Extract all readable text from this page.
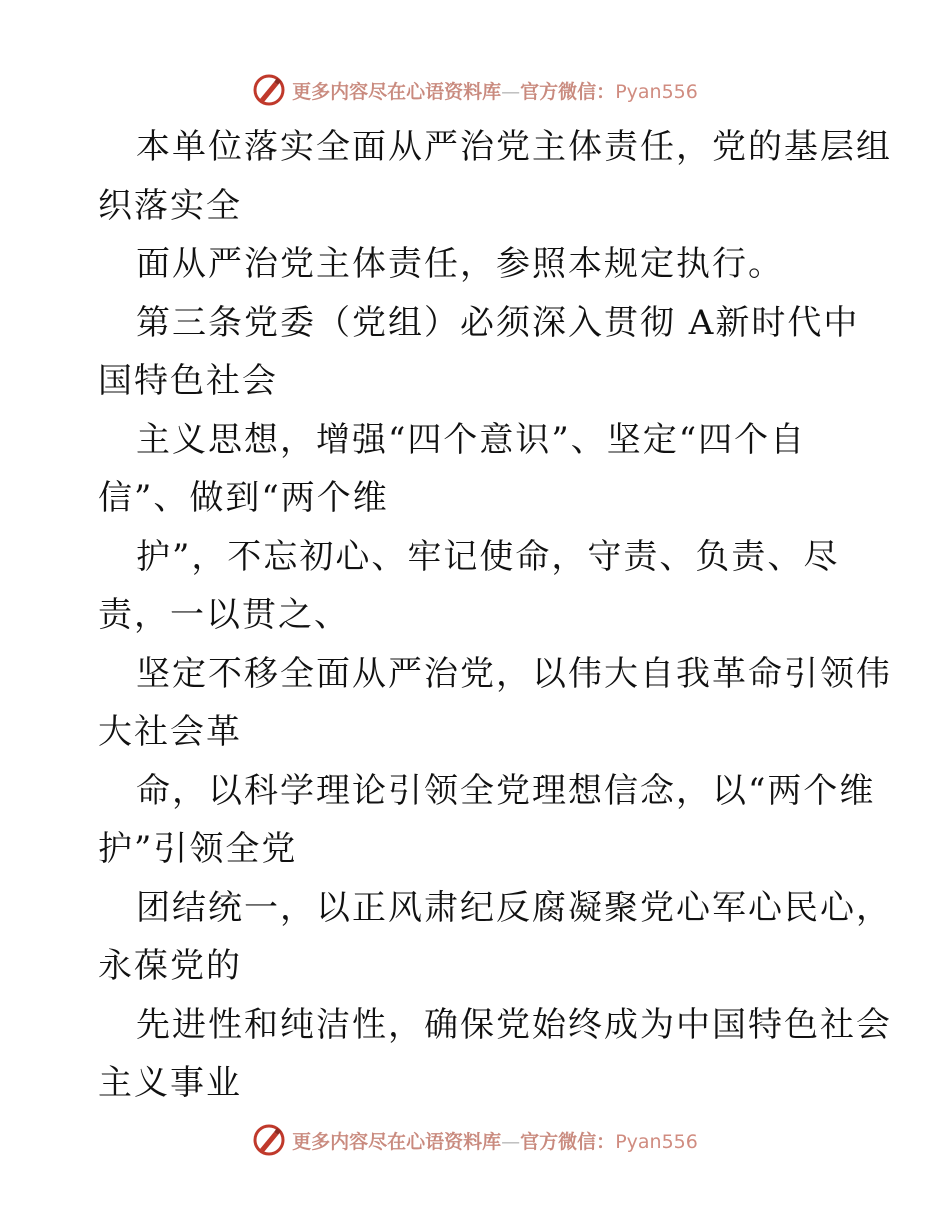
更多内容尽在心语资料库—官方微信：Pyan556
本单位落实全面从严治党主体责任，党的基层组
织落实全
面从严治党主体责任，参照本规定执行。
第三条党委（党组）必须深入贯彻 A新时代中
国特色社会
主义思想，增强“四个意识”、坚定“四个自
信”、做到“两个维
护”，不忘初心、牢记使命，守责、负责、尽
责，一以贯之、
坚定不移全面从严治党，以伟大自我革命引领伟
大社会革
命，以科学理论引领全党理想信念，以“两个维
护”引领全党
团结统一，以正风肃纪反腐凝聚党心军心民心，
永葆党的
先进性和纯洁性，确保党始终成为中国特色社会
主义事业
更多内容尽在心语资料库—官方微信：Pyan556
